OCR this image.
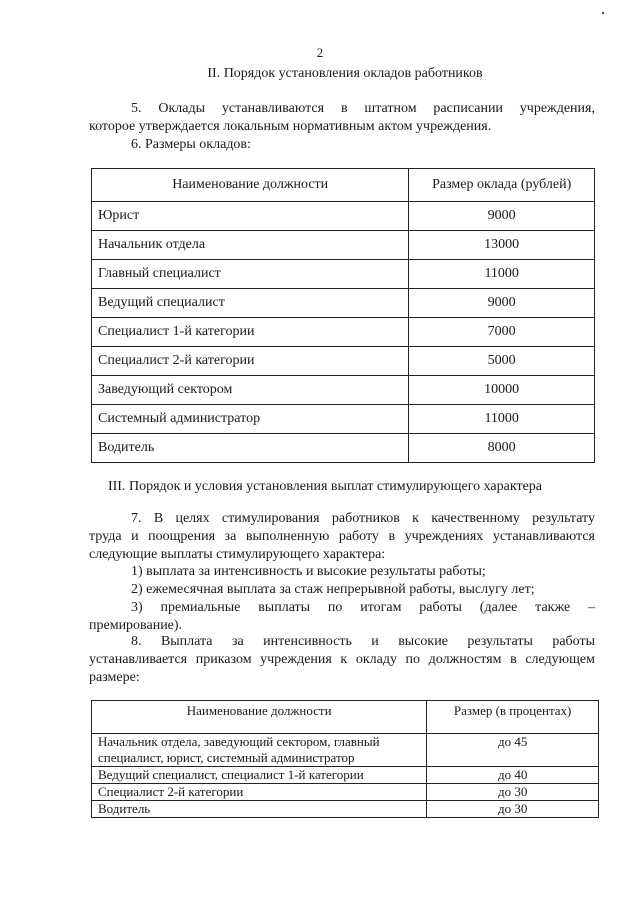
2
II. Порядок установления окладов работников
5. Оклады устанавливаются в штатном расписании учреждения,
которое утверждается локальным нормативным актом учреждения.
6. Размеры окладов:
Наименование должности	Размер оклада (рублей)
Юрист	9000
Начальник отдела	13000
Главный специалист	11000
Ведущий специалист	9000
Специалист 1-й категории	7000
Специалист 2-й категории	5000
Заведующий сектором	10000
Системный администратор	11000
Водитель	8000
III. Порядок и условия установления выплат стимулирующего характера
7. В целях стимулирования работников к качественному результату
труда и поощрения за выполненную работу в учреждениях устанавливаются
следующие выплаты стимулирующего характера:
1) выплата за интенсивность и высокие результаты работы;
2) ежемесячная выплата за стаж непрерывной работы, выслугу лет;
3) премиальные выплаты по итогам работы (далее также –
премирование).
8. Выплата за интенсивность и высокие результаты работы
устанавливается приказом учреждения к окладу по должностям в следующем
размере:
Наименование должности	Размер (в процентах)

Начальник отдела, заведующий сектором, главный
специалист, юрист, системный администратор	до 45
Ведущий специалист, специалист 1-й категории	до 40
Специалист 2-й категории	до 30
Водитель	до 30
